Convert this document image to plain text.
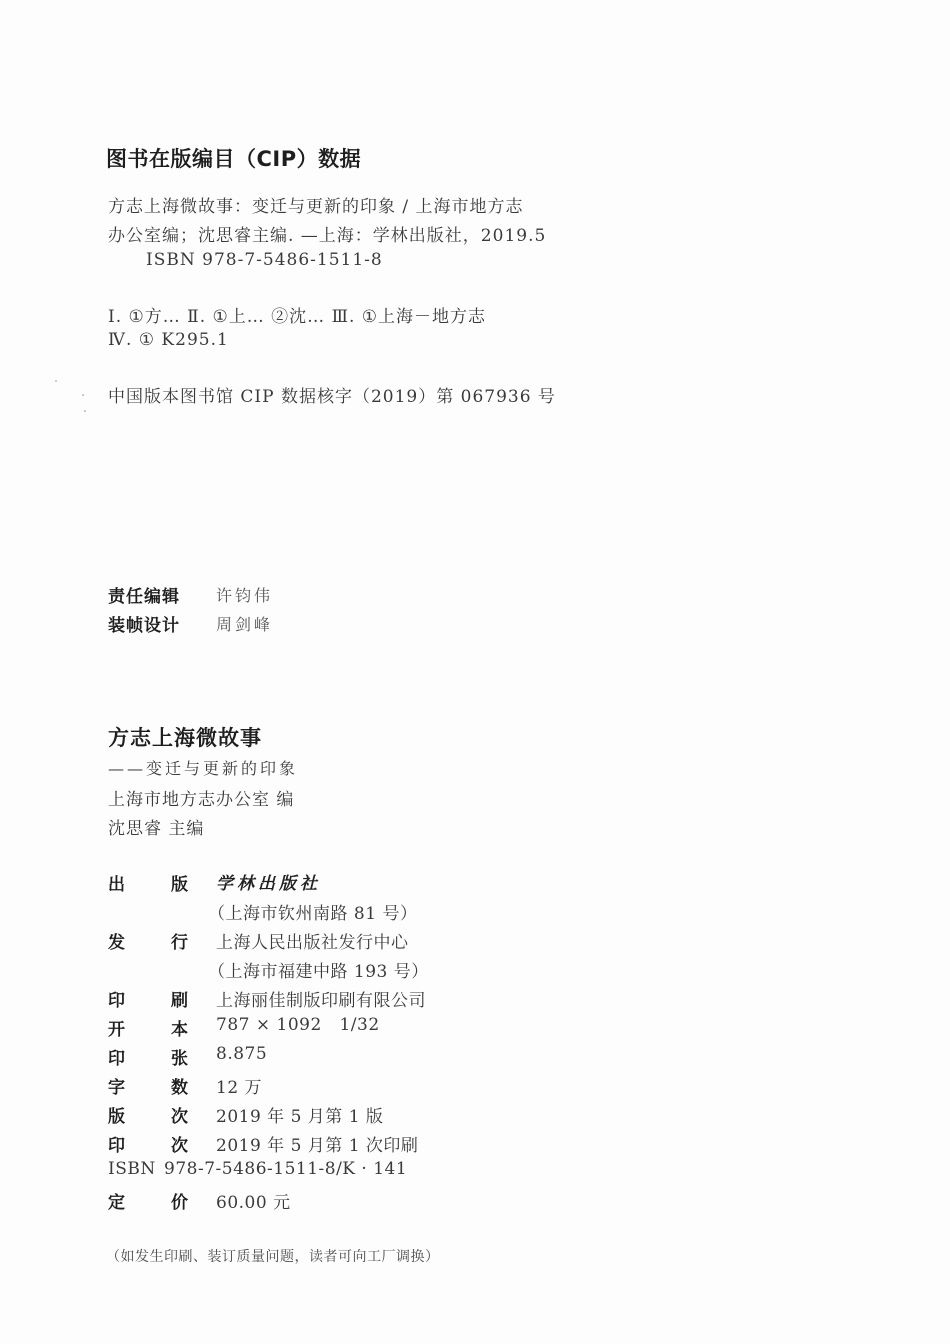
图书在版编目（CIP）数据
方志上海微故事：变迁与更新的印象 / 上海市地方志
办公室编；沈思睿主编. —上海：学林出版社，2019.5
ISBN 978-7-5486-1511-8
Ⅰ. ①方… Ⅱ. ①上… ②沈… Ⅲ. ①上海－地方志
Ⅳ. ① K295.1
中国版本图书馆 CIP 数据核字（2019）第 067936 号
责任编辑 许钧伟
装帧设计 周剑峰
方志上海微故事
——变迁与更新的印象
上海市地方志办公室 编
沈思睿 主编
出	版 学林出版社
（上海市钦州南路 81 号）
发	行 上海人民出版社发行中心
（上海市福建中路 193 号）
印	刷 上海丽佳制版印刷有限公司
开	本 787 × 1092   1/32
印	张 8.875
字	数 12 万
版	次 2019 年 5 月第 1 版
印	次 2019 年 5 月第 1 次印刷
ISBN 978-7-5486-1511-8/K · 141
定	价 60.00 元
（如发生印刷、装订质量问题，读者可向工厂调换）
